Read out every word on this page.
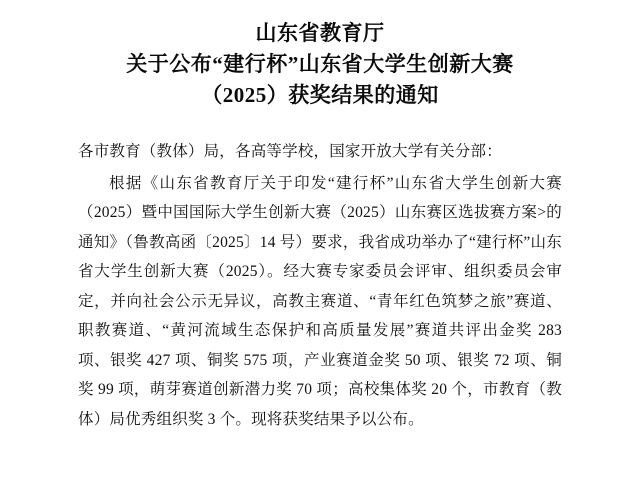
山东省教育厅
关于公布“建行杯”山东省大学生创新大赛
（2025）获奖结果的通知

各市教育（教体）局，各高等学校，国家开放大学有关分部：

根据《山东省教育厅关于印发“建行杯”山东省大学生创新大赛（2025）暨中国国际大学生创新大赛（2025）山东赛区选拔赛方案>的通知》（鲁教高函〔2025〕14 号）要求，我省成功举办了“建行杯”山东省大学生创新大赛（2025）。经大赛专家委员会评审、组织委员会审定，并向社会公示无异议，高教主赛道、“青年红色筑梦之旅”赛道、职教赛道、“黄河流域生态保护和高质量发展”赛道共评出金奖 283 项、银奖 427 项、铜奖 575 项，产业赛道金奖 50 项、银奖 72 项、铜奖 99 项，萌芽赛道创新潜力奖 70 项；高校集体奖 20 个，市教育（教体）局优秀组织奖 3 个。现将获奖结果予以公布。
